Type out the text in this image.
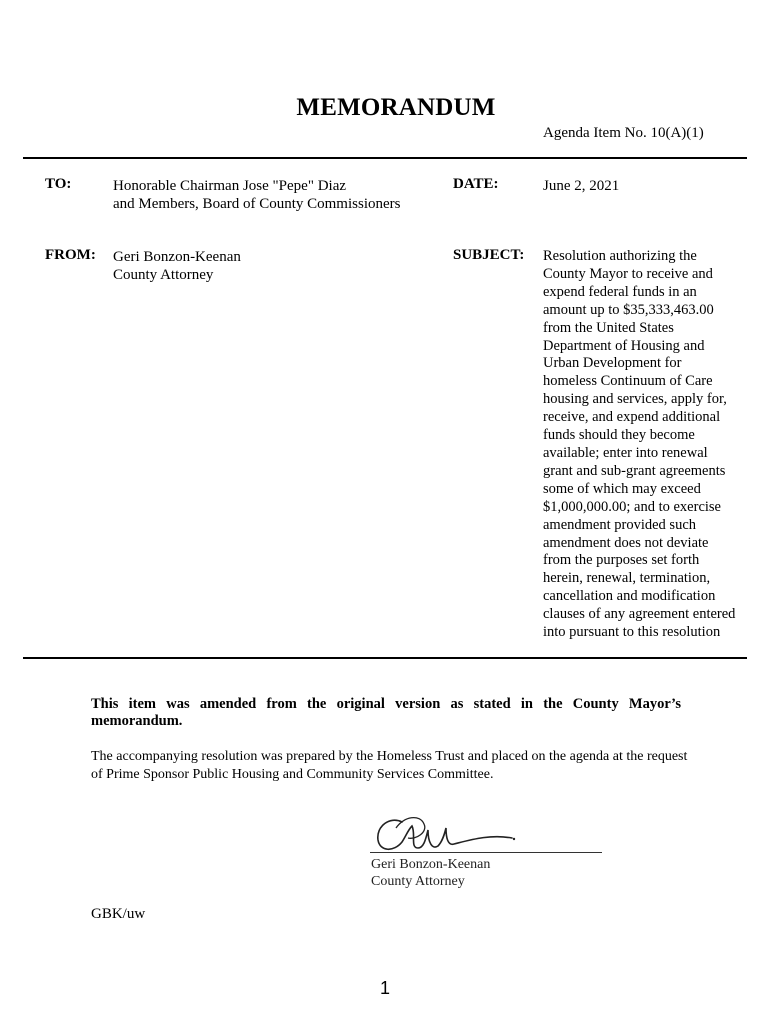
MEMORANDUM
Agenda Item No. 10(A)(1)
TO:	Honorable Chairman Jose "Pepe" Diaz
and Members, Board of County Commissioners
DATE:	June 2, 2021
FROM: Geri Bonzon-Keenan
County Attorney
SUBJECT: Resolution authorizing the
County Mayor to receive and
expend federal funds in an
amount up to $35,333,463.00
from the United States
Department of Housing and
Urban Development for
homeless Continuum of Care
housing and services, apply for,
receive, and expend additional
funds should they become
available; enter into renewal
grant and sub-grant agreements
some of which may exceed
$1,000,000.00; and to exercise
amendment provided such
amendment does not deviate
from the purposes set forth
herein, renewal, termination,
cancellation and modification
clauses of any agreement entered
into pursuant to this resolution
This item was amended from the original version as stated in the County Mayor’s memorandum.
The accompanying resolution was prepared by the Homeless Trust and placed on the agenda at the request of Prime Sponsor Public Housing and Community Services Committee.
Geri Bonzon-Keenan
County Attorney
GBK/uw
1
